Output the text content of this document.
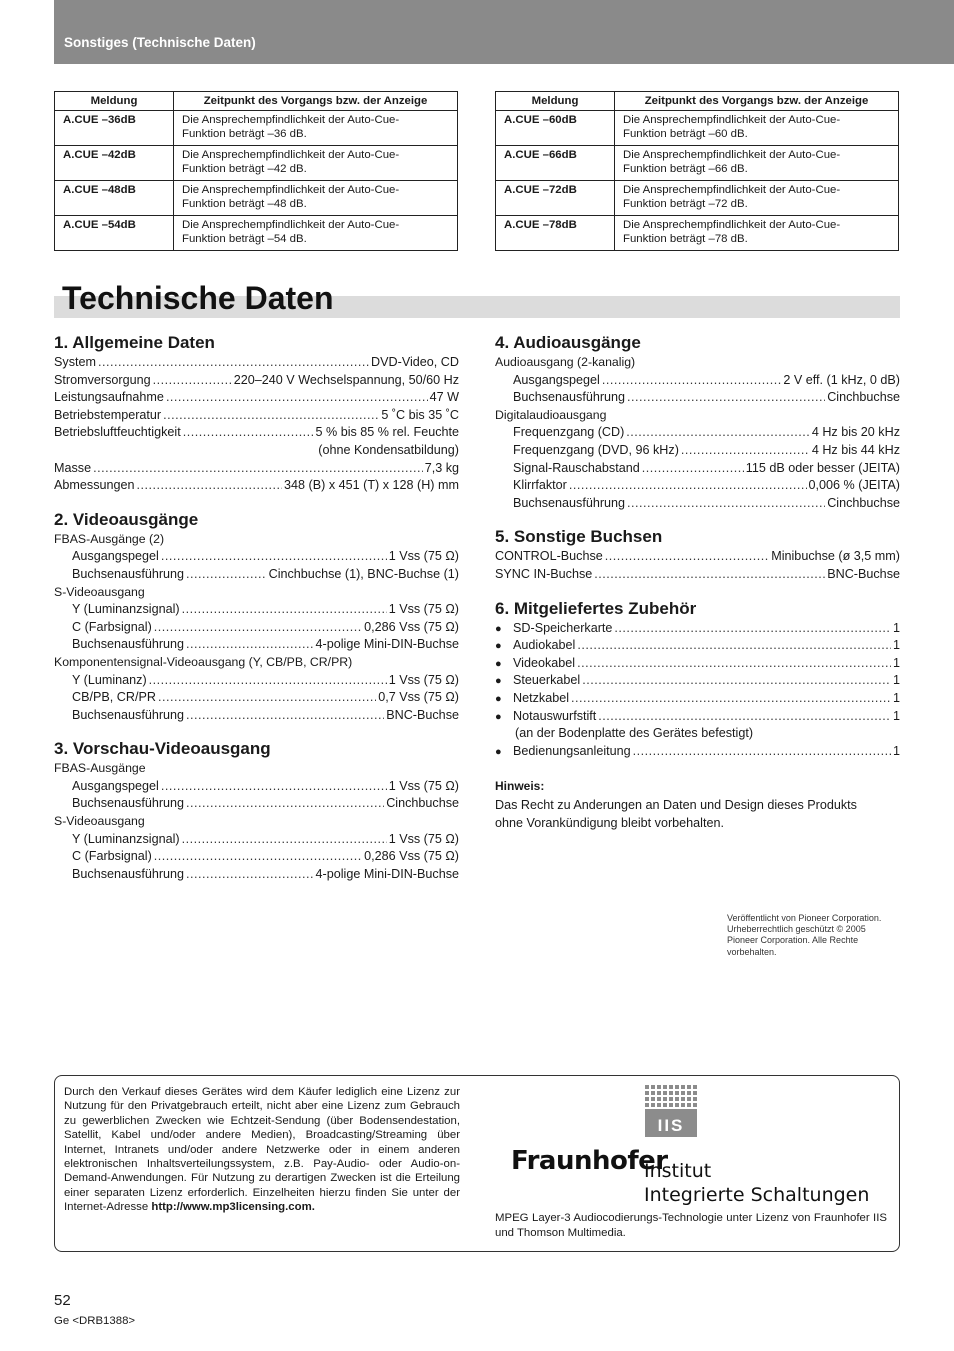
Sonstiges (Technische Daten)
Meldung	Zeitpunkt des Vorgangs bzw. der Anzeige
A.CUE –36dB	Die Ansprechempfindlichkeit der Auto-Cue-
Funktion beträgt –36 dB.

A.CUE –42dB	Die Ansprechempfindlichkeit der Auto-Cue-
Funktion beträgt –42 dB.

A.CUE –48dB	Die Ansprechempfindlichkeit der Auto-Cue-
Funktion beträgt –48 dB.

A.CUE –54dB	Die Ansprechempfindlichkeit der Auto-Cue-
Funktion beträgt –54 dB.
Meldung	Zeitpunkt des Vorgangs bzw. der Anzeige
A.CUE –60dB	Die Ansprechempfindlichkeit der Auto-Cue-
Funktion beträgt –60 dB.

A.CUE –66dB	Die Ansprechempfindlichkeit der Auto-Cue-
Funktion beträgt –66 dB.

A.CUE –72dB	Die Ansprechempfindlichkeit der Auto-Cue-
Funktion beträgt –72 dB.

A.CUE –78dB	Die Ansprechempfindlichkeit der Auto-Cue-
Funktion beträgt –78 dB.
Technische Daten
1. Allgemeine Daten
System .....	DVD-Video, CD
Stromversorgung .....	220–240 V Wechselspannung, 50/60 Hz
Leistungsaufnahme .....	47 W
Betriebstemperatur .....	5 ˚C bis 35 ˚C
Betriebsluftfeuchtigkeit .....	5 % bis 85 % rel. Feuchte
(ohne Kondensatbildung)
Masse .....	7,3 kg
Abmessungen .....	348 (B) x 451 (T) x 128 (H) mm
2. Videoausgänge
FBAS-Ausgänge (2)
Ausgangspegel .....	1 Vss (75 Ω)
Buchsenausführung .....	Cinchbuchse (1), BNC-Buchse (1)
S-Videoausgang
Y (Luminanzsignal) .....	1 Vss (75 Ω)
C (Farbsignal) .....	0,286 Vss (75 Ω)
Buchsenausführung .....	4-polige Mini-DIN-Buchse
Komponentensignal-Videoausgang (Y, CB/PB, CR/PR)
Y (Luminanz) .....	1 Vss (75 Ω)
CB/PB, CR/PR .....	0,7 Vss (75 Ω)
Buchsenausführung .....	BNC-Buchse
3. Vorschau-Videoausgang
FBAS-Ausgänge
Ausgangspegel .....	1 Vss (75 Ω)
Buchsenausführung .....	Cinchbuchse
S-Videoausgang
Y (Luminanzsignal) .....	1 Vss (75 Ω)
C (Farbsignal) .....	0,286 Vss (75 Ω)
Buchsenausführung .....	4-polige Mini-DIN-Buchse
4. Audioausgänge
Audioausgang (2-kanalig)
Ausgangspegel .....	2 V eff. (1 kHz, 0 dB)
Buchsenausführung .....	Cinchbuchse
Digitalaudioausgang
Frequenzgang (CD) .....	4 Hz bis 20 kHz
Frequenzgang (DVD, 96 kHz) .....	4 Hz bis 44 kHz
Signal-Rauschabstand .....	115 dB oder besser (JEITA)
Klirrfaktor .....	0,006 % (JEITA)
Buchsenausführung .....	Cinchbuchse
5. Sonstige Buchsen
CONTROL-Buchse .....	Minibuchse (ø 3,5 mm)
SYNC IN-Buchse .....	BNC-Buchse
6. Mitgeliefertes Zubehör
● SD-Speicherkarte .....	1
● Audiokabel .....	1
● Videokabel .....	1
● Steuerkabel .....	1
● Netzkabel .....	1
● Notauswurfstift .....	1
(an der Bodenplatte des Gerätes befestigt)
● Bedienungsanleitung .....	1
Hinweis:
Das Recht zu Anderungen an Daten und Design dieses Produkts
ohne Vorankündigung bleibt vorbehalten.
Veröffentlicht von Pioneer Corporation.
Urheberrechtlich geschützt © 2005
Pioneer Corporation. Alle Rechte
vorbehalten.
Durch den Verkauf dieses Gerätes wird dem Käufer lediglich eine Lizenz zur Nutzung für den Privatgebrauch erteilt, nicht aber eine Lizenz zum Gebrauch zu gewerblichen Zwecken wie Echtzeit-Sendung (über Bodensendestation, Satellit, Kabel und/oder andere Medien), Broadcasting/Streaming über Internet, Intranets und/oder andere Netzwerke oder in einem anderen elektronischen Inhaltsverteilungssystem, z.B. Pay-Audio- oder Audio-on-Demand-Anwendungen. Für Nutzung zu derartigen Zwecken ist die Erteilung einer separaten Lizenz erforderlich. Einzelheiten hierzu finden Sie unter der Internet-Adresse http://www.mp3licensing.com.
IIS
Fraunhofer
Institut
Integrierte Schaltungen
MPEG Layer-3 Audiocodierungs-Technologie unter Lizenz von Fraunhofer IIS und Thomson Multimedia.
52
Ge <DRB1388>
